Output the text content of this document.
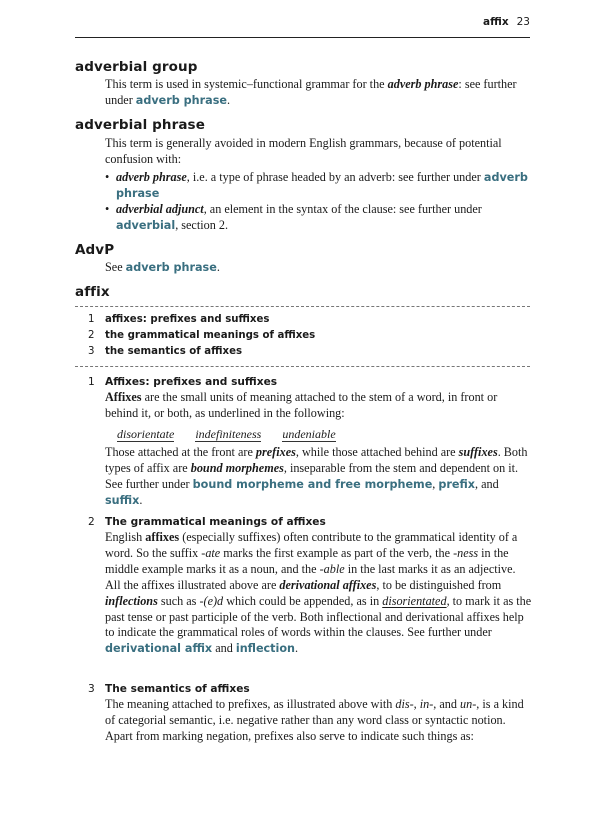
affix 23
adverbial group

This term is used in systemic–functional grammar for the adverb phrase: see further under adverb phrase.

adverbial phrase

This term is generally avoided in modern English grammars, because of potential confusion with:

• adverb phrase, i.e. a type of phrase headed by an adverb: see further under adverb phrase

• adverbial adjunct, an element in the syntax of the clause: see further under adverbial, section 2.

AdvP

See adverb phrase.

affix
1 affixes: prefixes and suffixes
2 the grammatical meanings of affixes
3 the semantics of affixes
1 Affixes: prefixes and suffixes

Affixes are the small units of meaning attached to the stem of a word, in front or behind it, or both, as underlined in the following:

disorientate indefiniteness undeniable

Those attached at the front are prefixes, while those attached behind are suffixes. Both types of affix are bound morphemes, inseparable from the stem and dependent on it. See further under bound morpheme and free morpheme, prefix, and suffix.

2 The grammatical meanings of affixes

English affixes (especially suffixes) often contribute to the grammatical identity of a word. So the suffix -ate marks the first example as part of the verb, the -ness in the middle example marks it as a noun, and the -able in the last marks it as an adjective. All the affixes illustrated above are derivational affixes, to be distinguished from inflections such as -(e)d which could be appended, as in disorientated, to mark it as the past tense or past participle of the verb. Both inflectional and derivational affixes help to indicate the grammatical roles of words within the clauses. See further under derivational affix and inflection.

3 The semantics of affixes

The meaning attached to prefixes, as illustrated above with dis-, in-, and un-, is a kind of categorial semantic, i.e. negative rather than any word class or syntactic notion. Apart from marking negation, prefixes also serve to indicate such things as:
